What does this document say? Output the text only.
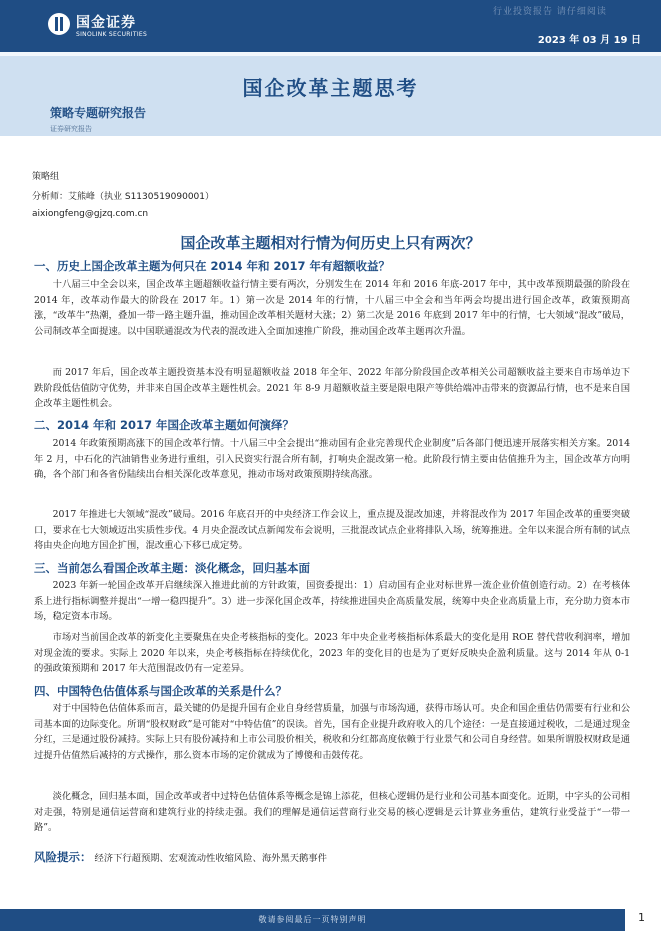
国金证券
SINOLINK SECURITIES
行业投资报告 请仔细阅读
2023 年 03 月 19 日
国企改革主题思考
策略专题研究报告
证券研究报告
策略组
分析师：艾熊峰（执业 S1130519090001）
aixiongfeng@gjzq.com.cn
国企改革主题相对行情为何历史上只有两次？
一、历史上国企改革主题为何只在 2014 年和 2017 年有超额收益？

十八届三中全会以来，国企改革主题超额收益行情主要有两次，分别发生在 2014 年和 2016 年底-2017 年中，其中改革预期最强的阶段在 2014 年，改革动作最大的阶段在 2017 年。1）第一次是 2014 年的行情，十八届三中全会和当年两会均提出进行国企改革，政策预期高涨，“改革牛”热潮，叠加一带一路主题升温，推动国企改革相关题材大涨；2）第二次是 2016 年底到 2017 年中的行情，七大领域“混改”破局，公司制改革全面提速。以中国联通混改为代表的混改进入全面加速推广阶段，推动国企改革主题再次升温。

而 2017 年后，国企改革主题投资基本没有明显超额收益 2018 年全年、2022 年部分阶段国企改革相关公司超额收益主要来自市场单边下跌阶段低估值防守优势，并非来自国企改革主题性机会。2021 年 8-9 月超额收益主要是限电限产等供给端冲击带来的资源品行情，也不是来自国企改革主题性机会。

二、2014 年和 2017 年国企改革主题如何演绎？

2014 年政策预期高涨下的国企改革行情。十八届三中全会提出“推动国有企业完善现代企业制度”后各部门便迅速开展落实相关方案。2014 年 2 月，中石化的汽油销售业务进行重组，引入民资实行混合所有制，打响央企混改第一枪。此阶段行情主要由估值推升为主，国企改革方向明确，各个部门和各省份陆续出台相关深化改革意见，推动市场对政策预期持续高涨。

2017 年推进七大领域“混改”破局。2016 年底召开的中央经济工作会议上，重点提及混改加速，并将混改作为 2017 年国企改革的重要突破口，要求在七大领域迈出实质性步伐。4 月央企混改试点新闻发布会说明，三批混改试点企业将排队入场，统筹推进。全年以来混合所有制的试点将由央企向地方国企扩围，混改重心下移已成定势。

三、当前怎么看国企改革主题：淡化概念，回归基本面

2023 年新一轮国企改革开启继续深入推进此前的方针政策，国资委提出：1）启动国有企业对标世界一流企业价值创造行动。2）在考核体系上进行指标调整并提出“一增一稳四提升”。3）进一步深化国企改革，持续推进国央企高质量发展，统筹中央企业高质量上市，充分助力资本市场，稳定资本市场。

市场对当前国企改革的新变化主要聚焦在央企考核指标的变化。2023 年中央企业考核指标体系最大的变化是用 ROE 替代营收利润率，增加对现金流的要求。实际上 2020 年以来，央企考核指标在持续优化，2023 年的变化目的也是为了更好反映央企盈利质量。这与 2014 年从 0-1 的强政策预期和 2017 年大范围混改仍有一定差异。

四、中国特色估值体系与国企改革的关系是什么？

对于中国特色估值体系而言，最关键的仍是提升国有企业自身经营质量，加强与市场沟通，获得市场认可。央企和国企重估仍需要有行业和公司基本面的边际变化。所谓“股权财政”是可能对“中特估值”的误读。首先，国有企业提升政府收入的几个途径：一是直接通过税收，二是通过现金分红，三是通过股份减持。实际上只有股份减持和上市公司股价相关，税收和分红都高度依赖于行业景气和公司自身经营。如果所谓股权财政是通过提升估值然后减持的方式操作，那么资本市场的定价就成为了博傻和击鼓传花。

淡化概念，回归基本面，国企改革或者中过特色估值体系等概念是锦上添花，但核心逻辑仍是行业和公司基本面变化。近期，中字头的公司相对走强，特别是通信运营商和建筑行业的持续走强。我们的理解是通信运营商行业交易的核心逻辑是云计算业务重估，建筑行业受益于“一带一路”。

风险提示： 经济下行超预期、宏观流动性收缩风险、海外黑天鹅事件
敬请参阅最后一页特别声明	1
